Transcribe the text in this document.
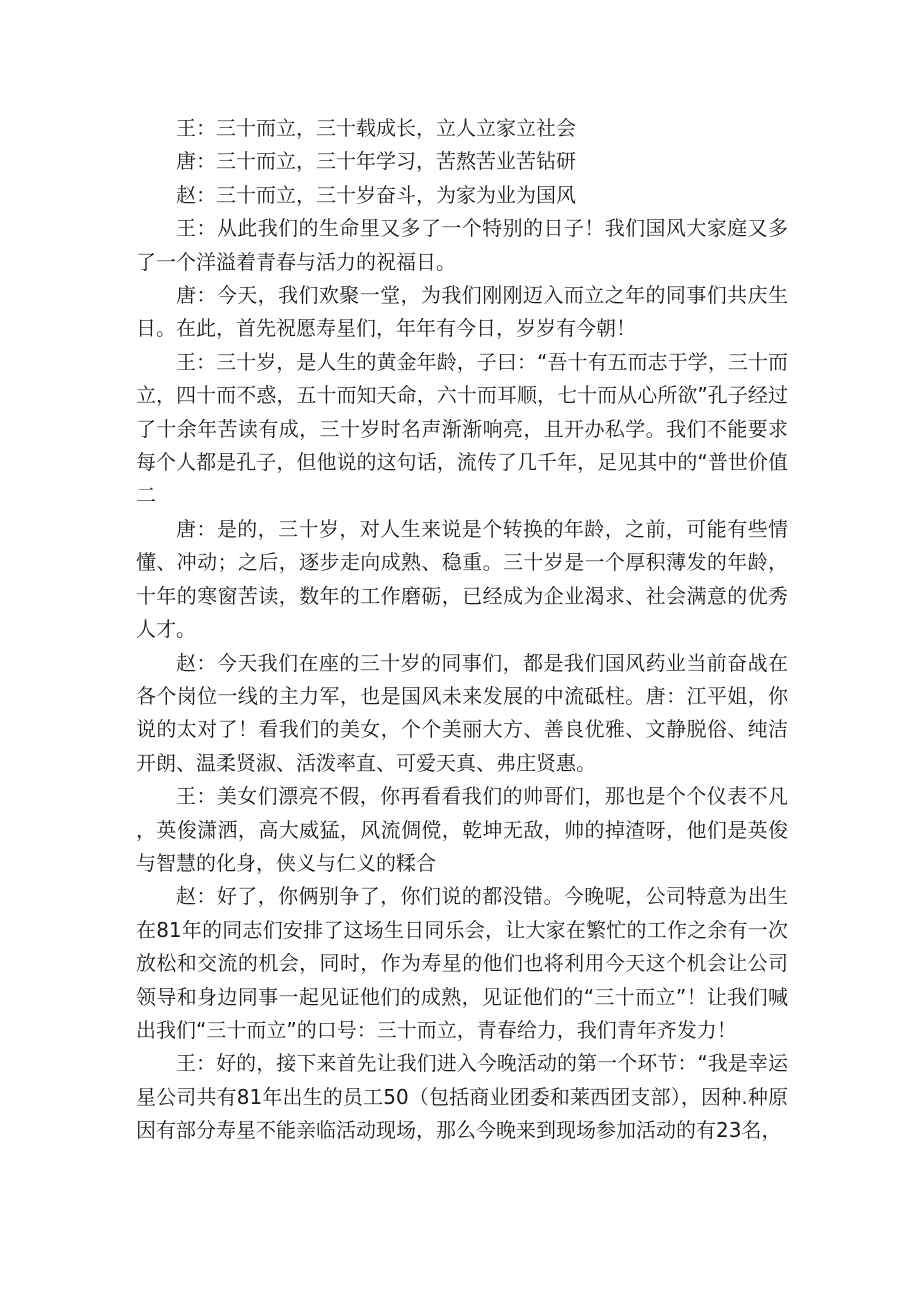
王：三十而立，三十载成长，立人立家立社会

唐：三十而立，三十年学习，苦熬苦业苦钻研

赵：三十而立，三十岁奋斗，为家为业为国风

王：从此我们的生命里又多了一个特别的日子！我们国风大家庭又多了一个洋溢着青春与活力的祝福日。

唐：今天，我们欢聚一堂，为我们刚刚迈入而立之年的同事们共庆生日。在此，首先祝愿寿星们，年年有今日，岁岁有今朝！

王：三十岁，是人生的黄金年龄，子曰：“吾十有五而志于学，三十而立，四十而不惑，五十而知天命，六十而耳顺，七十而从心所欲”孔子经过了十余年苦读有成，三十岁时名声渐渐响亮，且开办私学。我们不能要求每个人都是孔子，但他说的这句话，流传了几千年，足见其中的“普世价值二

唐：是的，三十岁，对人生来说是个转换的年龄，之前，可能有些情懂、冲动；之后，逐步走向成熟、稳重。三十岁是一个厚积薄发的年龄，十年的寒窗苦读，数年的工作磨砺，已经成为企业渴求、社会满意的优秀人才。

赵：今天我们在座的三十岁的同事们，都是我们国风药业当前奋战在各个岗位一线的主力军，也是国风未来发展的中流砥柱。唐：江平姐，你说的太对了！看我们的美女，个个美丽大方、善良优雅、文静脱俗、纯洁开朗、温柔贤淑、活泼率直、可爱天真、弗庄贤惠。

王：美女们漂亮不假，你再看看我们的帅哥们，那也是个个仪表不凡，英俊潇洒，高大威猛，风流倜傥，乾坤无敌，帅的掉渣呀，他们是英俊与智慧的化身，侠义与仁义的糅合

赵：好了，你俩别争了，你们说的都没错。今晚呢，公司特意为出生在81年的同志们安排了这场生日同乐会，让大家在繁忙的工作之余有一次放松和交流的机会，同时，作为寿星的他们也将利用今天这个机会让公司领导和身边同事一起见证他们的成熟，见证他们的“三十而立”！让我们喊出我们“三十而立”的口号：三十而立，青春给力，我们青年齐发力！

王：好的，接下来首先让我们进入今晚活动的第一个环节：“我是幸运星公司共有81年出生的员工50（包括商业团委和莱西团支部），因种.种原因有部分寿星不能亲临活动现场，那么今晚来到现场参加活动的有23名，
